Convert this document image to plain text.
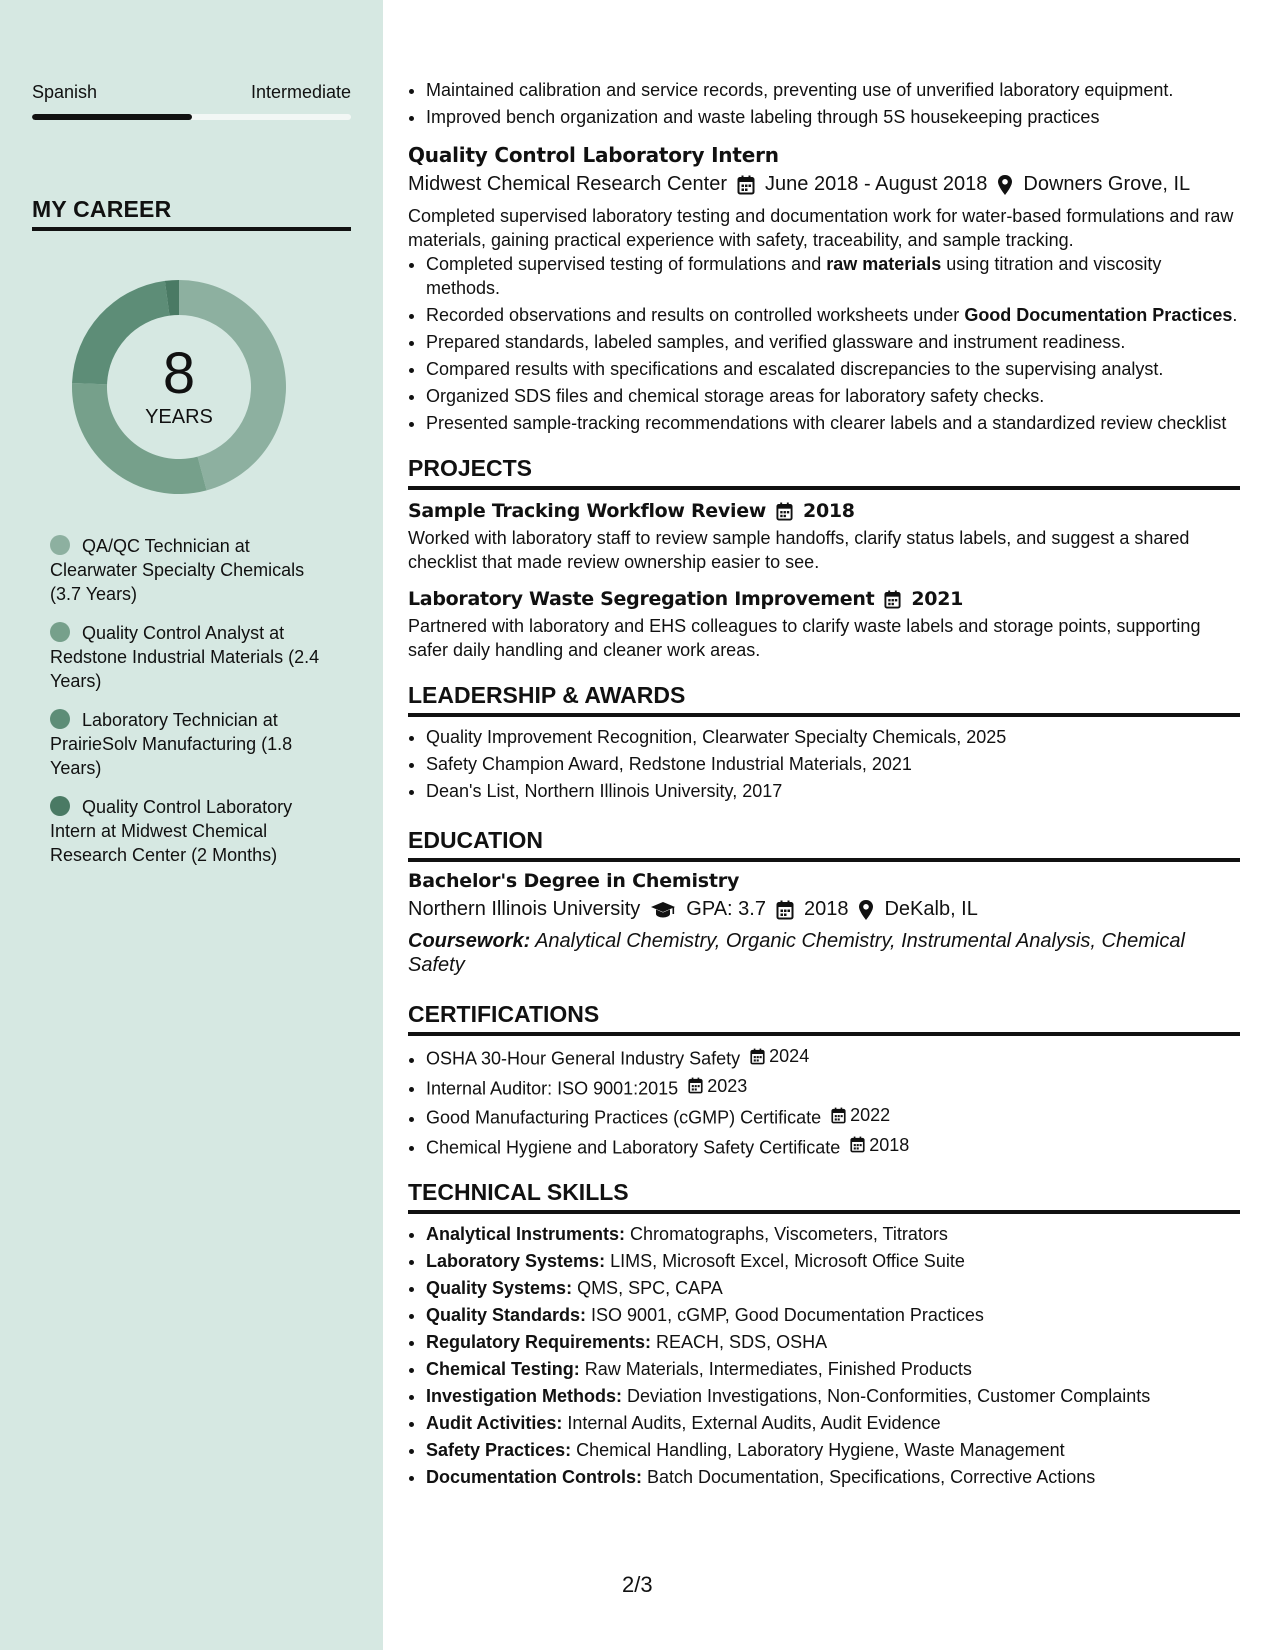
Spanish	Intermediate
MY CAREER
8
YEARS
QA/QC Technician at Clearwater Specialty Chemicals (3.7 Years)
Quality Control Analyst at Redstone Industrial Materials (2.4 Years)
Laboratory Technician at PrairieSolv Manufacturing (1.8 Years)
Quality Control Laboratory Intern at Midwest Chemical Research Center (2 Months)
• Maintained calibration and service records, preventing use of unverified laboratory equipment.
• Improved bench organization and waste labeling through 5S housekeeping practices
Quality Control Laboratory Intern
Midwest Chemical Research Center June 2018 - August 2018 Downers Grove, IL

Completed supervised laboratory testing and documentation work for water-based formulations and raw materials, gaining practical experience with safety, traceability, and sample tracking.

• Completed supervised testing of formulations and raw materials using titration and viscosity methods.
• Recorded observations and results on controlled worksheets under Good Documentation Practices.
• Prepared standards, labeled samples, and verified glassware and instrument readiness.
• Compared results with specifications and escalated discrepancies to the supervising analyst.
• Organized SDS files and chemical storage areas for laboratory safety checks.
• Presented sample-tracking recommendations with clearer labels and a standardized review checklist
PROJECTS
Sample Tracking Workflow Review 2018

Worked with laboratory staff to review sample handoffs, clarify status labels, and suggest a shared checklist that made review ownership easier to see.

Laboratory Waste Segregation Improvement 2021

Partnered with laboratory and EHS colleagues to clarify waste labels and storage points, supporting safer daily handling and cleaner work areas.

LEADERSHIP & AWARDS
• Quality Improvement Recognition, Clearwater Specialty Chemicals, 2025
• Safety Champion Award, Redstone Industrial Materials, 2021
• Dean's List, Northern Illinois University, 2017
EDUCATION
Bachelor's Degree in Chemistry
Northern Illinois University GPA: 3.7 2018 DeKalb, IL

Coursework: Analytical Chemistry, Organic Chemistry, Instrumental Analysis, Chemical Safety

CERTIFICATIONS
• OSHA 30-Hour General Industry Safety 2024
• Internal Auditor: ISO 9001:2015 2023
• Good Manufacturing Practices (cGMP) Certificate 2022
• Chemical Hygiene and Laboratory Safety Certificate 2018
TECHNICAL SKILLS
• Analytical Instruments: Chromatographs, Viscometers, Titrators
• Laboratory Systems: LIMS, Microsoft Excel, Microsoft Office Suite
• Quality Systems: QMS, SPC, CAPA
• Quality Standards: ISO 9001, cGMP, Good Documentation Practices
• Regulatory Requirements: REACH, SDS, OSHA
• Chemical Testing: Raw Materials, Intermediates, Finished Products
• Investigation Methods: Deviation Investigations, Non-Conformities, Customer Complaints
• Audit Activities: Internal Audits, External Audits, Audit Evidence
• Safety Practices: Chemical Handling, Laboratory Hygiene, Waste Management
• Documentation Controls: Batch Documentation, Specifications, Corrective Actions
2/3
